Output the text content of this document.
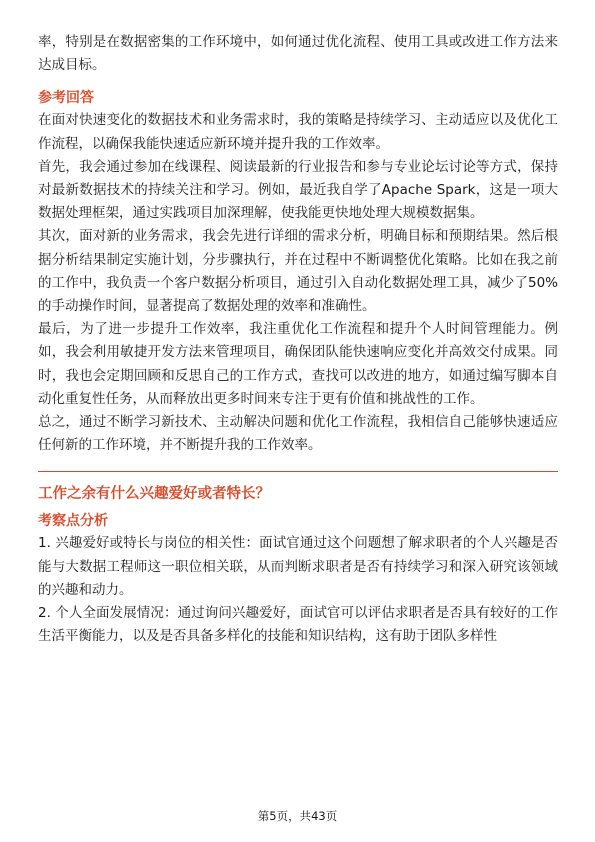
率，特别是在数据密集的工作环境中，如何通过优化流程、使用工具或改进工作方法来达成目标。

参考回答

在面对快速变化的数据技术和业务需求时，我的策略是持续学习、主动适应以及优化工作流程，以确保我能快速适应新环境并提升我的工作效率。

首先，我会通过参加在线课程、阅读最新的行业报告和参与专业论坛讨论等方式，保持对最新数据技术的持续关注和学习。例如，最近我自学了Apache Spark，这是一项大数据处理框架，通过实践项目加深理解，使我能更快地处理大规模数据集。

其次，面对新的业务需求，我会先进行详细的需求分析，明确目标和预期结果。然后根据分析结果制定实施计划，分步骤执行，并在过程中不断调整优化策略。比如在我之前的工作中，我负责一个客户数据分析项目，通过引入自动化数据处理工具，减少了50%的手动操作时间，显著提高了数据处理的效率和准确性。

最后，为了进一步提升工作效率，我注重优化工作流程和提升个人时间管理能力。例如，我会利用敏捷开发方法来管理项目，确保团队能快速响应变化并高效交付成果。同时，我也会定期回顾和反思自己的工作方式，查找可以改进的地方，如通过编写脚本自动化重复性任务，从而释放出更多时间来专注于更有价值和挑战性的工作。

总之，通过不断学习新技术、主动解决问题和优化工作流程，我相信自己能够快速适应任何新的工作环境，并不断提升我的工作效率。

工作之余有什么兴趣爱好或者特长？
考察点分析

1. 兴趣爱好或特长与岗位的相关性：面试官通过这个问题想了解求职者的个人兴趣是否能与大数据工程师这一职位相关联，从而判断求职者是否有持续学习和深入研究该领域的兴趣和动力。

2. 个人全面发展情况：通过询问兴趣爱好，面试官可以评估求职者是否具有较好的工作生活平衡能力，以及是否具备多样化的技能和知识结构，这有助于团队多样性

第5页，共43页
